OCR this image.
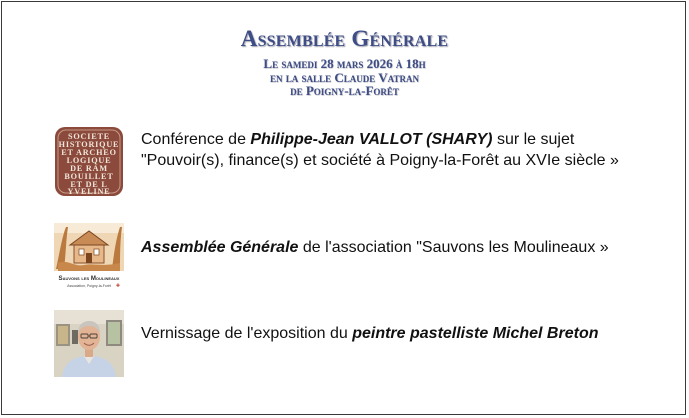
Assemblée Générale
Le samedi 28 mars 2026 à 18h
en la salle Claude Vatran
de Poigny-la-Forêt
SOCIETE
HISTORIQUE
ET ARCHEO
LOGIQUE
DE RAM
BOUILLET
ET DE L
YVELINE
Conférence de Philippe-Jean VALLOT (SHARY) sur le sujet "Pouvoir(s), finance(s) et société à Poigny-la-Forêt au XVIe siècle »
Sauvons les Moulineaux
Association, Poigny-la-Forêt ✚
Assemblée Générale de l'association "Sauvons les Moulineaux »
Vernissage de l'exposition du peintre pastelliste Michel Breton
